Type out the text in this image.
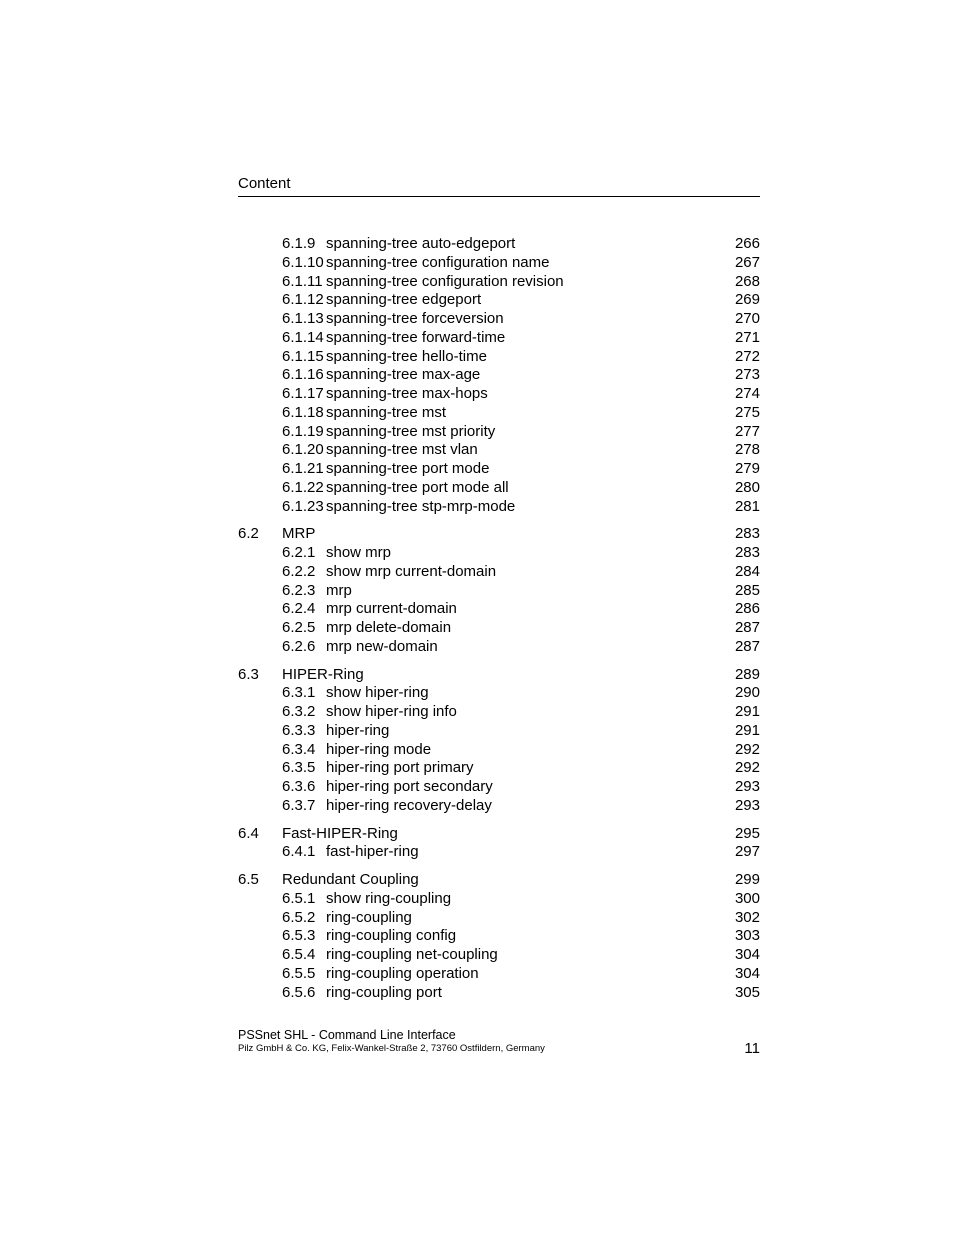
Content
6.1.9 spanning-tree auto-edgeport	266
6.1.10 spanning-tree configuration name	267
6.1.11 spanning-tree configuration revision	268
6.1.12 spanning-tree edgeport	269
6.1.13 spanning-tree forceversion	270
6.1.14 spanning-tree forward-time	271
6.1.15 spanning-tree hello-time	272
6.1.16 spanning-tree max-age	273
6.1.17 spanning-tree max-hops	274
6.1.18 spanning-tree mst	275
6.1.19 spanning-tree mst priority	277
6.1.20 spanning-tree mst vlan	278
6.1.21 spanning-tree port mode	279
6.1.22 spanning-tree port mode all	280
6.1.23 spanning-tree stp-mrp-mode	281
6.2 MRP	283
6.2.1 show mrp	283
6.2.2 show mrp current-domain	284
6.2.3 mrp	285
6.2.4 mrp current-domain	286
6.2.5 mrp delete-domain	287
6.2.6 mrp new-domain	287
6.3 HIPER-Ring	289
6.3.1 show hiper-ring	290
6.3.2 show hiper-ring info	291
6.3.3 hiper-ring	291
6.3.4 hiper-ring mode	292
6.3.5 hiper-ring port primary	292
6.3.6 hiper-ring port secondary	293
6.3.7 hiper-ring recovery-delay	293
6.4 Fast-HIPER-Ring	295
6.4.1 fast-hiper-ring	297
6.5 Redundant Coupling	299
6.5.1 show ring-coupling	300
6.5.2 ring-coupling	302
6.5.3 ring-coupling config	303
6.5.4 ring-coupling net-coupling	304
6.5.5 ring-coupling operation	304
6.5.6 ring-coupling port	305
PSSnet SHL - Command Line Interface
Pilz GmbH & Co. KG, Felix-Wankel-Straße 2, 73760 Ostfildern, Germany	11
